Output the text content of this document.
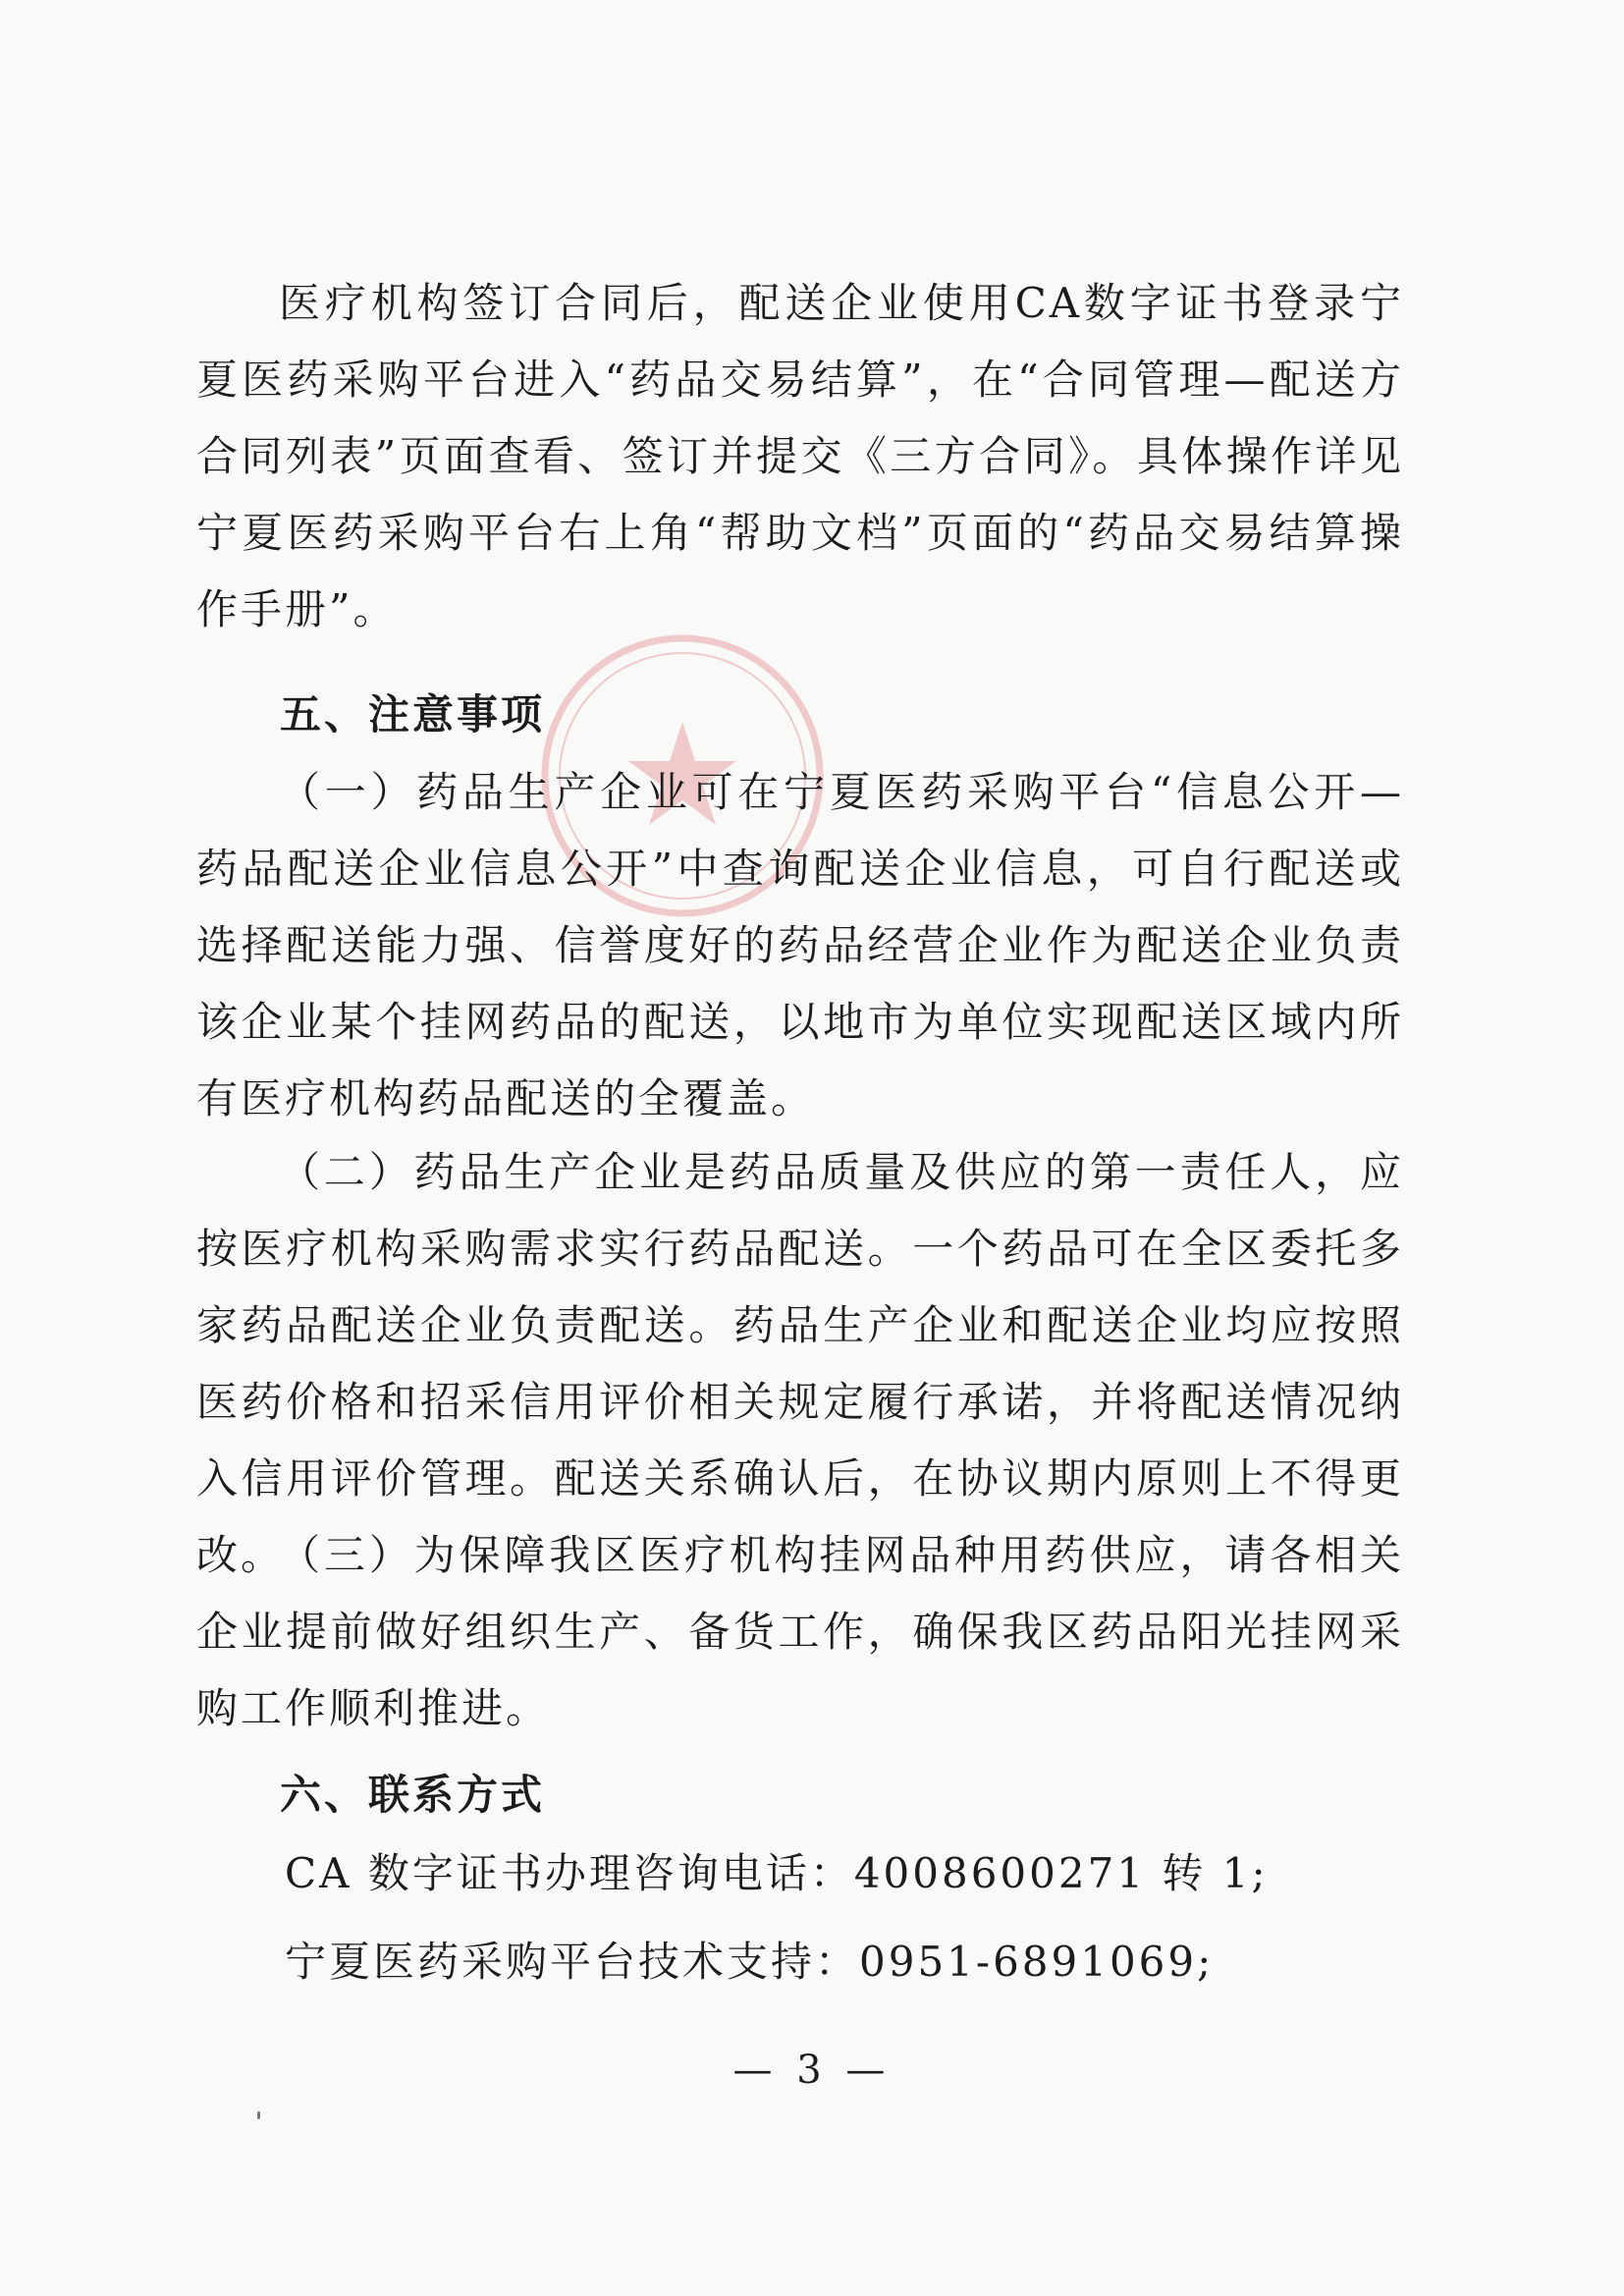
医疗机构签订合同后，配送企业使用CA数字证书登录宁夏医药采购平台进入“药品交易结算”，在“合同管理—配送方合同列表”页面查看、签订并提交《三方合同》。具体操作详见宁夏医药采购平台右上角“帮助文档”页面的“药品交易结算操作手册”。

五、注意事项

（一）药品生产企业可在宁夏医药采购平台“信息公开—药品配送企业信息公开”中查询配送企业信息，可自行配送或选择配送能力强、信誉度好的药品经营企业作为配送企业负责该企业某个挂网药品的配送，以地市为单位实现配送区域内所有医疗机构药品配送的全覆盖。

（二）药品生产企业是药品质量及供应的第一责任人，应按医疗机构采购需求实行药品配送。一个药品可在全区委托多家药品配送企业负责配送。药品生产企业和配送企业均应按照医药价格和招采信用评价相关规定履行承诺，并将配送情况纳入信用评价管理。配送关系确认后，在协议期内原则上不得更改。

（三）为保障我区医疗机构挂网品种用药供应，请各相关企业提前做好组织生产、备货工作，确保我区药品阳光挂网采购工作顺利推进。

六、联系方式

CA 数字证书办理咨询电话：4008600271 转 1;

宁夏医药采购平台技术支持：0951-6891069;

— 3 —
